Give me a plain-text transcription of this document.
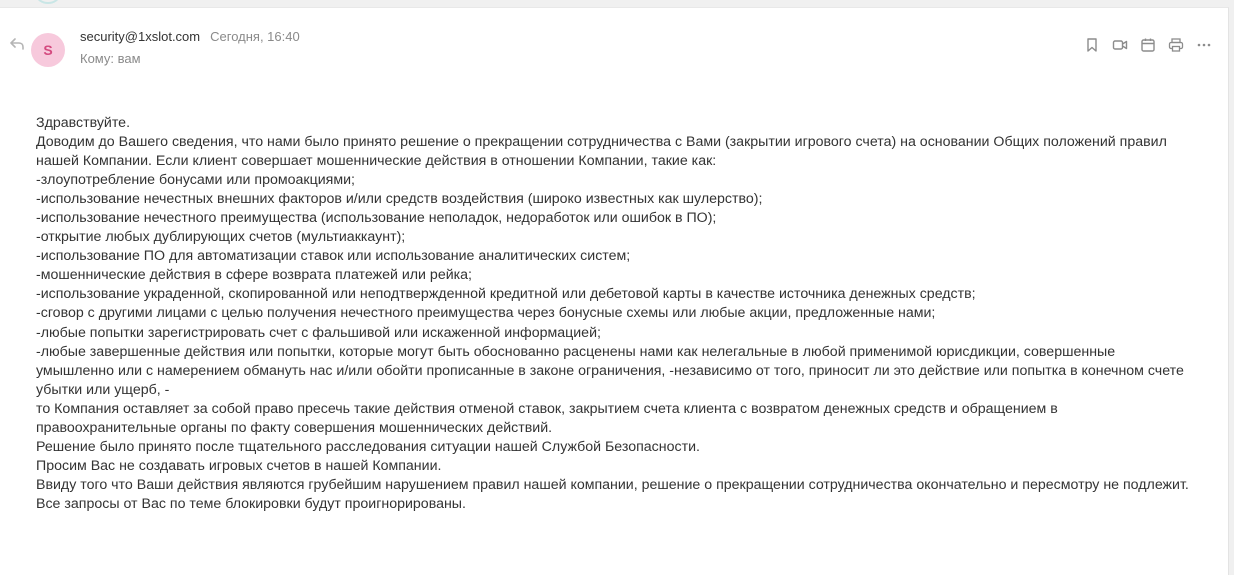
S
security@1xslot.com Сегодня, 16:40
Кому: вам

Здравствуйте.

Доводим до Вашего сведения, что нами было принято решение о прекращении сотрудничества с Вами (закрытии игрового счета) на основании Общих положений правил нашей Компании. Если клиент совершает мошеннические действия в отношении Компании, такие как:

-злоупотребление бонусами или промоакциями;

-использование нечестных внешних факторов и/или средств воздействия (широко известных как шулерство);

-использование нечестного преимущества (использование неполадок, недоработок или ошибок в ПО);

-открытие любых дублирующих счетов (мультиаккаунт);

-использование ПО для автоматизации ставок или использование аналитических систем;

-мошеннические действия в сфере возврата платежей или рейка;

-использование украденной, скопированной или неподтвержденной кредитной или дебетовой карты в качестве источника денежных средств;

-сговор с другими лицами с целью получения нечестного преимущества через бонусные схемы или любые акции, предложенные нами;

-любые попытки зарегистрировать счет с фальшивой или искаженной информацией;

-любые завершенные действия или попытки, которые могут быть обоснованно расценены нами как нелегальные в любой применимой юрисдикции, совершенные умышленно или с намерением обмануть нас и/или обойти прописанные в законе ограничения, -независимо от того, приносит ли это действие или попытка в конечном счете убытки или ущерб, -

то Компания оставляет за собой право пресечь такие действия отменой ставок, закрытием счета клиента с возвратом денежных средств и обращением в правоохранительные органы по факту совершения мошеннических действий.

Решение было принято после тщательного расследования ситуации нашей Службой Безопасности.

Просим Вас не создавать игровых счетов в нашей Компании.

Ввиду того что Ваши действия являются грубейшим нарушением правил нашей компании, решение о прекращении сотрудничества окончательно и пересмотру не подлежит.

Все запросы от Вас по теме блокировки будут проигнорированы.
